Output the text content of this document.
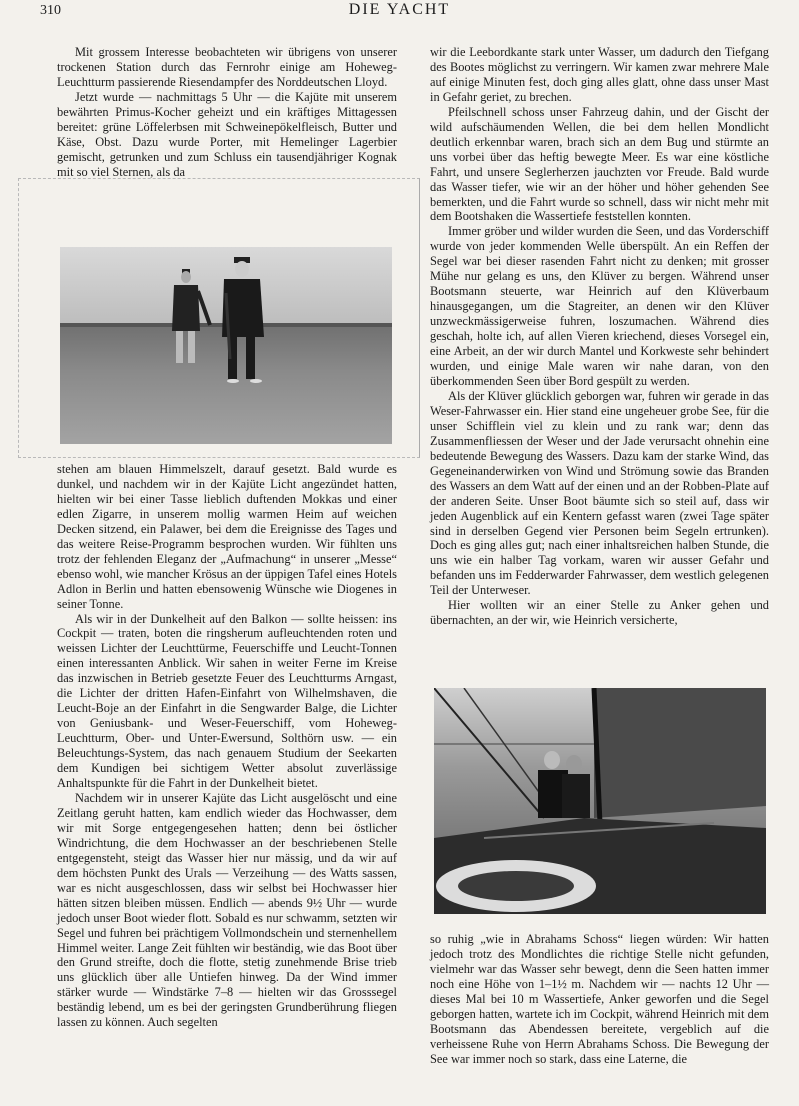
310	DIE YACHT

Mit grossem Interesse beobachteten wir übrigens von unserer trockenen Station durch das Fernrohr einige am Hoheweg-Leuchtturm passierende Riesendampfer des Norddeutschen Lloyd.

Jetzt wurde — nachmittags 5 Uhr — die Kajüte mit unserem bewährten Primus-Kocher geheizt und ein kräftiges Mittagessen bereitet: grüne Löffelerbsen mit Schweinepökelfleisch, Butter und Käse, Obst. Dazu wurde Porter, mit Hemelinger Lagerbier gemischt, getrunken und zum Schluss ein tausendjähriger Kognak mit so viel Sternen, als da

stehen am blauen Himmelszelt, darauf gesetzt. Bald wurde es dunkel, und nachdem wir in der Kajüte Licht angezündet hatten, hielten wir bei einer Tasse lieblich duftenden Mokkas und einer edlen Zigarre, in unserem mollig warmen Heim auf weichen Decken sitzend, ein Palawer, bei dem die Ereignisse des Tages und das weitere Reise-Programm besprochen wurden. Wir fühlten uns trotz der fehlenden Eleganz der „Aufmachung“ in unserer „Messe“ ebenso wohl, wie mancher Krösus an der üppigen Tafel eines Hotels Adlon in Berlin und hatten ebensowenig Wünsche wie Diogenes in seiner Tonne.

Als wir in der Dunkelheit auf den Balkon — sollte heissen: ins Cockpit — traten, boten die ringsherum aufleuchtenden roten und weissen Lichter der Leuchttürme, Feuerschiffe und Leucht-Tonnen einen interessanten Anblick. Wir sahen in weiter Ferne im Kreise das inzwischen in Betrieb gesetzte Feuer des Leuchtturms Arngast, die Lichter der dritten Hafen-Einfahrt von Wilhelmshaven, die Leucht-Boje an der Einfahrt in die Sengwarder Balge, die Lichter von Geniusbank- und Weser-Feuerschiff, vom Hoheweg-Leuchtturm, Ober- und Unter-Ewersund, Solthörn usw. — ein Beleuchtungs-System, das nach genauem Studium der Seekarten dem Kundigen bei sichtigem Wetter absolut zuverlässige Anhaltspunkte für die Fahrt in der Dunkelheit bietet.

Nachdem wir in unserer Kajüte das Licht ausgelöscht und eine Zeitlang geruht hatten, kam endlich wieder das Hochwasser, dem wir mit Sorge entgegengesehen hatten; denn bei östlicher Windrichtung, die dem Hochwasser an der beschriebenen Stelle entgegensteht, steigt das Wasser hier nur mässig, und da wir auf dem höchsten Punkt des Urals — Verzeihung — des Watts sassen, war es nicht ausgeschlossen, dass wir selbst bei Hochwasser hier hätten sitzen bleiben müssen. Endlich — abends 9½ Uhr — wurde jedoch unser Boot wieder flott. Sobald es nur schwamm, setzten wir Segel und fuhren bei prächtigem Vollmondschein und sternenhellem Himmel weiter. Lange Zeit fühlten wir beständig, wie das Boot über den Grund streifte, doch die flotte, stetig zunehmende Brise trieb uns glücklich über alle Untiefen hinweg. Da der Wind immer stärker wurde — Windstärke 7–8 — hielten wir das Grosssegel beständig lebend, um es bei der geringsten Grundberührung fliegen lassen zu können. Auch segelten

wir die Leebordkante stark unter Wasser, um dadurch den Tiefgang des Bootes möglichst zu verringern. Wir kamen zwar mehrere Male auf einige Minuten fest, doch ging alles glatt, ohne dass unser Mast in Gefahr geriet, zu brechen.

Pfeilschnell schoss unser Fahrzeug dahin, und der Gischt der wild aufschäumenden Wellen, die bei dem hellen Mondlicht deutlich erkennbar waren, brach sich an dem Bug und stürmte an uns vorbei über das heftig bewegte Meer. Es war eine köstliche Fahrt, und unsere Seglerherzen jauchzten vor Freude. Bald wurde das Wasser tiefer, wie wir an der höher und höher gehenden See bemerkten, und die Fahrt wurde so schnell, dass wir nicht mehr mit dem Bootshaken die Wassertiefe feststellen konnten.

Immer gröber und wilder wurden die Seen, und das Vorderschiff wurde von jeder kommenden Welle überspült. An ein Reffen der Segel war bei dieser rasenden Fahrt nicht zu denken; mit grosser Mühe nur gelang es uns, den Klüver zu bergen. Während unser Bootsmann steuerte, war Heinrich auf den Klüverbaum hinausgegangen, um die Stagreiter, an denen wir den Klüver unzweckmässigerweise fuhren, loszumachen. Während dies geschah, holte ich, auf allen Vieren kriechend, dieses Vorsegel ein, eine Arbeit, an der wir durch Mantel und Korkweste sehr behindert wurden, und einige Male waren wir nahe daran, von den überkommenden Seen über Bord gespült zu werden.

Als der Klüver glücklich geborgen war, fuhren wir gerade in das Weser-Fahrwasser ein. Hier stand eine ungeheuer grobe See, für die unser Schifflein viel zu klein und zu rank war; denn das Zusammenfliessen der Weser und der Jade verursacht ohnehin eine bedeutende Bewegung des Wassers. Dazu kam der starke Wind, das Gegeneinanderwirken von Wind und Strömung sowie das Branden des Wassers an dem Watt auf der einen und an der Robben-Plate auf der anderen Seite. Unser Boot bäumte sich so steil auf, dass wir jeden Augenblick auf ein Kentern gefasst waren (zwei Tage später sind in derselben Gegend vier Personen beim Segeln ertrunken). Doch es ging alles gut; nach einer inhaltsreichen halben Stunde, die uns wie ein halber Tag vorkam, waren wir ausser Gefahr und befanden uns im Fedderwarder Fahrwasser, dem westlich gelegenen Teil der Unterweser.

Hier wollten wir an einer Stelle zu Anker gehen und übernachten, an der wir, wie Heinrich versicherte,

so ruhig „wie in Abrahams Schoss“ liegen würden: Wir hatten jedoch trotz des Mondlichtes die richtige Stelle nicht gefunden, vielmehr war das Wasser sehr bewegt, denn die Seen hatten immer noch eine Höhe von 1–1½ m. Nachdem wir — nachts 12 Uhr — dieses Mal bei 10 m Wassertiefe, Anker geworfen und die Segel geborgen hatten, wartete ich im Cockpit, während Heinrich mit dem Bootsmann das Abendessen bereitete, vergeblich auf die verheissene Ruhe von Herrn Abrahams Schoss. Die Bewegung der See war immer noch so stark, dass eine Laterne, die
